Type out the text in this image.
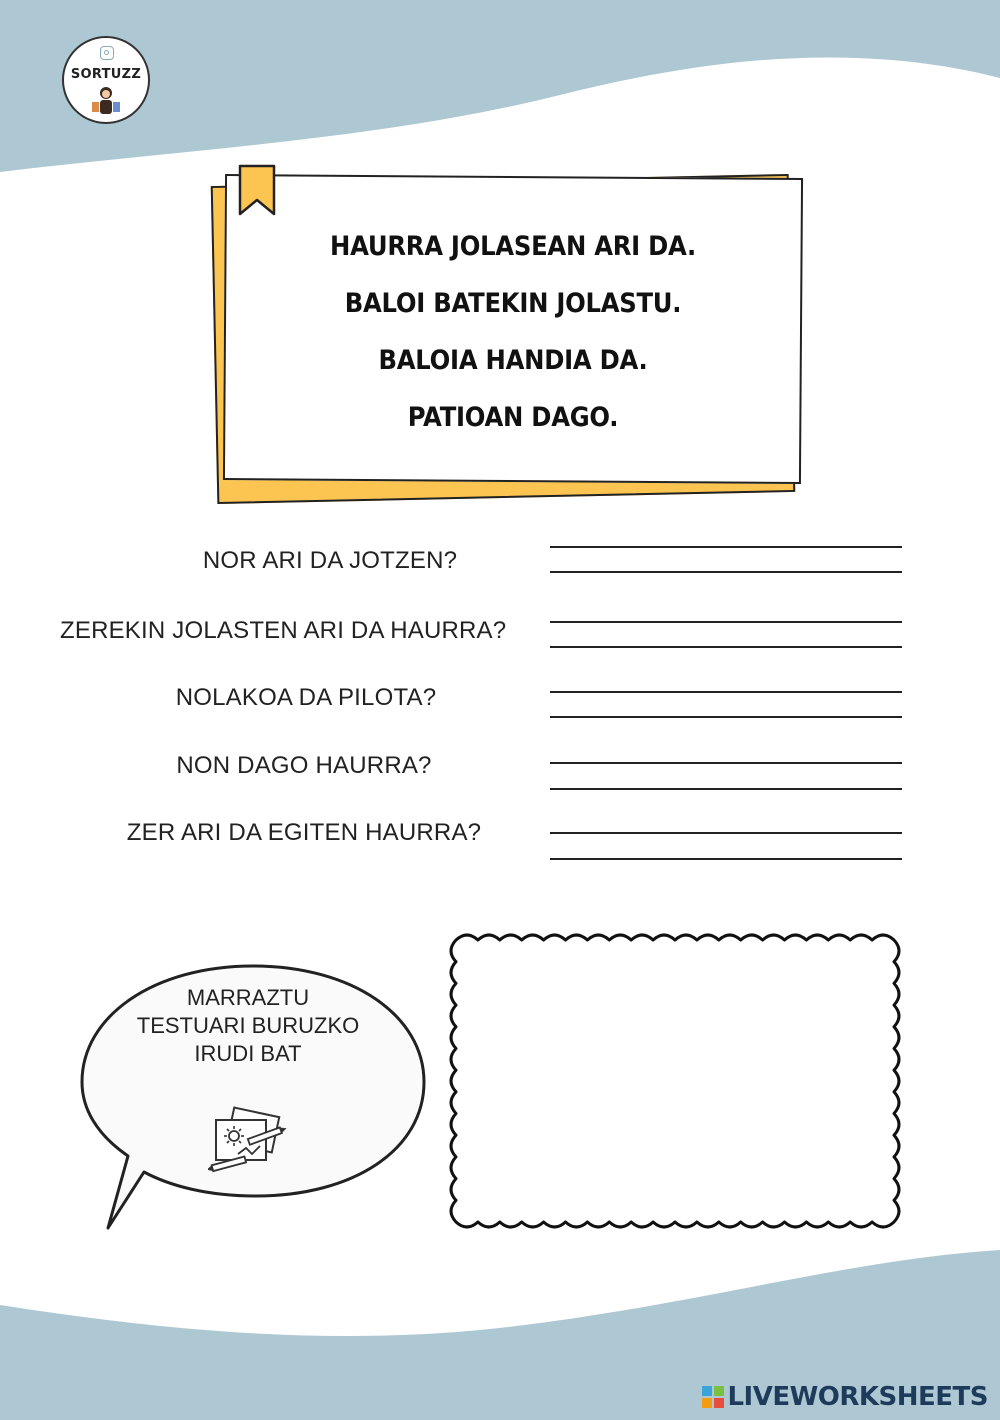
SORTUZZ
HAURRA JOLASEAN ARI DA.
BALOI BATEKIN JOLASTU.
BALOIA HANDIA DA.
PATIOAN DAGO.
NOR ARI DA JOTZEN?
ZEREKIN JOLASTEN ARI DA HAURRA?
NOLAKOA DA PILOTA?
NON DAGO HAURRA?
ZER ARI DA EGITEN HAURRA?
MARRAZTU
TESTUARI BURUZKO
IRUDI BAT
LIVEWORKSHEETS
